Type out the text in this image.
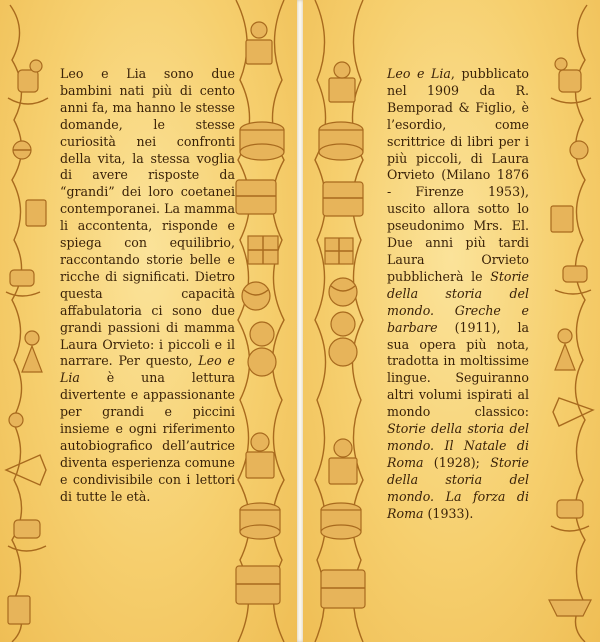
Leo e Lia sono due bambini nati più di cento anni fa, ma hanno le stesse domande, le stesse curiosità nei confronti della vita, la stessa voglia di avere risposte da “grandi” dei loro coetanei contemporanei. La mamma li accontenta, risponde e spiega con equilibrio, raccontando storie belle e ricche di significati. Dietro questa capacità affabulatoria ci sono due grandi passioni di mamma Laura Orvieto: i piccoli e il narrare. Per questo, Leo e Lia è una lettura divertente e appassionante per grandi e piccini insieme e ogni riferimento autobiografico dell’autrice diventa esperienza comune e condivisibile con i lettori di tutte le età.

Leo e Lia, pubblicato nel 1909 da R. Bemporad & Figlio, è l’esordio, come scrittrice di libri per i più piccoli, di Laura Orvieto (Milano 1876 - Firenze 1953), uscito allora sotto lo pseudonimo Mrs. El. Due anni più tardi Laura Orvieto pubblicherà le Storie della storia del mondo. Greche e barbare (1911), la sua opera più nota, tradotta in moltissime lingue. Seguiranno altri volumi ispirati al mondo classico: Storie della storia del mondo. Il Natale di Roma (1928); Storie della storia del mondo. La forza di Roma (1933).
